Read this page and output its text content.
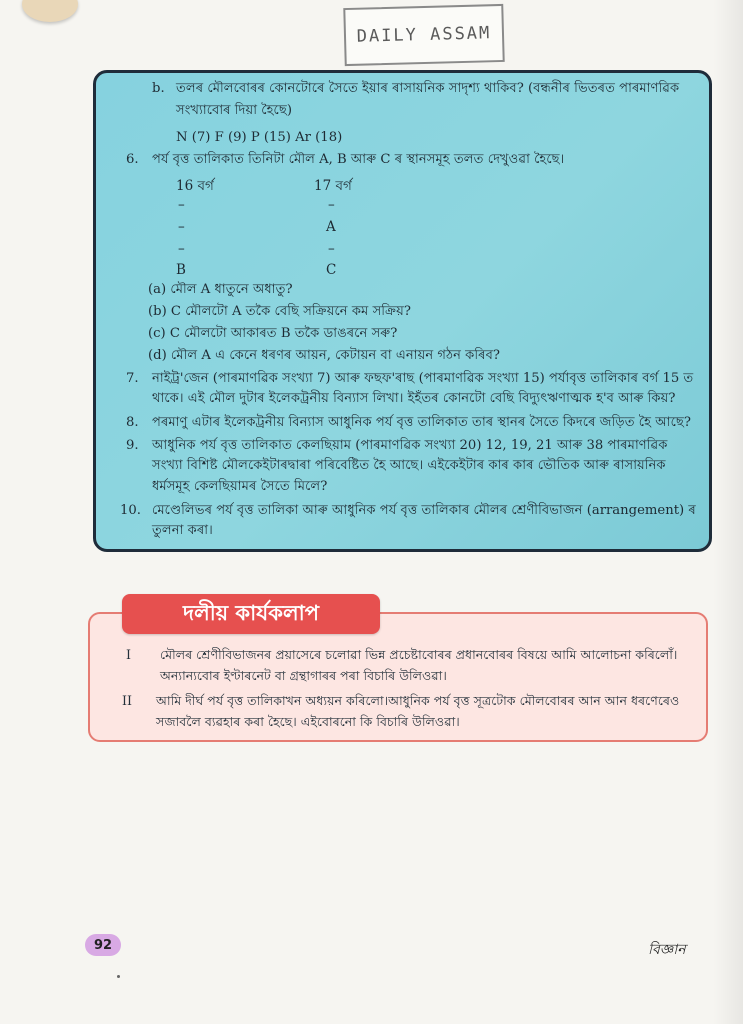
DAILY ASSAM
b. তলৰ মৌলবোৰৰ কোনটোৰে সৈতে ইয়াৰ ৰাসায়নিক সাদৃশ্য থাকিব? (বন্ধনীৰ ভিতৰত পাৰমাণৱিক
সংখ্যাবোৰ দিয়া হৈছে)
N (7) F (9) P (15) Ar (18)
6. পৰ্য বৃত্ত তালিকাত তিনিটা মৌল A, B আৰু C ৰ স্থানসমূহ তলত দেখুওৱা হৈছে।
16 বৰ্গ	17 বৰ্গ
–
–
–
B
–
A
–
C
(a) মৌল A ধাতুনে অধাতু?
(b) C মৌলটো A তকৈ বেছি সক্রিয়নে কম সক্রিয়?
(c) C মৌলটো আকাৰত B তকৈ ডাঙৰনে সৰু?
(d) মৌল A এ কেনে ধৰণৰ আয়ন, কেটায়ন বা এনায়ন গঠন কৰিব?
7. নাইট্ৰ'জেন (পাৰমাণৱিক সংখ্যা 7) আৰু ফছফ'ৰাছ (পাৰমাণৱিক সংখ্যা 15) পৰ্যাবৃত্ত তালিকাৰ বৰ্গ 15 ত থাকে। এই মৌল দুটাৰ ইলেকট্ৰনীয় বিন্যাস লিখা। ইহঁতৰ কোনটো বেছি বিদ্যুৎঋণাত্মক হ'ব আৰু কিয়?
8. পৰমাণু এটাৰ ইলেকট্ৰনীয় বিন্যাস আধুনিক পৰ্য বৃত্ত তালিকাত তাৰ স্থানৰ সৈতে কিদৰে জড়িত হৈ আছে?
9. আধুনিক পৰ্য বৃত্ত তালিকাত কেলছিয়াম (পাৰমাণৱিক সংখ্যা 20) 12, 19, 21 আৰু 38 পাৰমাণৱিক সংখ্যা বিশিষ্ট মৌলকেইটাৰদ্বাৰা পৰিবেষ্টিত হৈ আছে। এইকেইটাৰ কাৰ কাৰ ভৌতিক আৰু ৰাসায়নিক ধৰ্মসমূহ কেলছিয়ামৰ সৈতে মিলে?
10. মেণ্ডেলিভৰ পৰ্য বৃত্ত তালিকা আৰু আধুনিক পৰ্য বৃত্ত তালিকাৰ মৌলৰ শ্ৰেণীবিভাজন (arrangement) ৰ তুলনা কৰা।
I মৌলৰ শ্ৰেণীবিভাজনৰ প্ৰয়াসেৰে চলোৱা ভিন্ন প্ৰচেষ্টাবোৰৰ প্ৰধানবোৰৰ বিষয়ে আমি আলোচনা কৰিলোঁ। অন্যান্যবোৰ ইণ্টাৰনেট বা গ্ৰন্থাগাৰৰ পৰা বিচাৰি উলিওৱা।
II আমি দীৰ্ঘ পৰ্য বৃত্ত তালিকাখন অধ্যয়ন কৰিলো।আধুনিক পৰ্য বৃত্ত সূত্ৰটোক মৌলবোৰৰ আন আন ধৰণেৰেও সজাবলৈ ব্যৱহাৰ কৰা হৈছে। এইবোৰনো কি বিচাৰি উলিওৱা।
দলীয় কাৰ্যকলাপ
92	বিজ্ঞান
